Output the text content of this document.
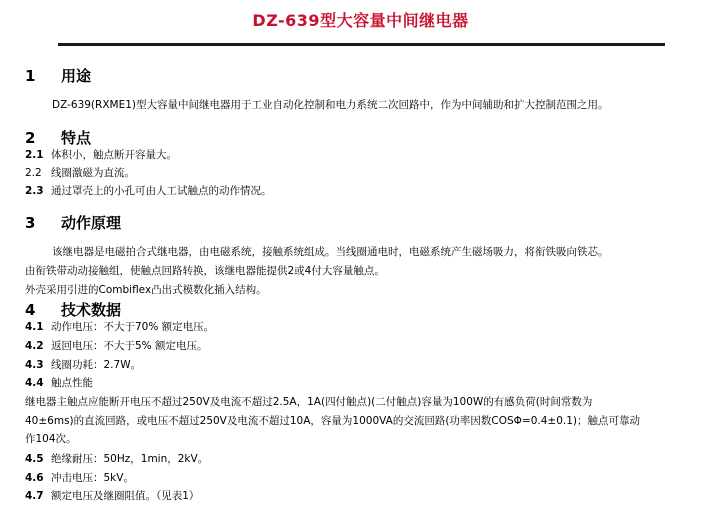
DZ-639型大容量中间继电器
1 用途
DZ-639(RXME1)型大容量中间继电器用于工业自动化控制和电力系统二次回路中，作为中间辅助和扩大控制范围之用。
2 特点
2.1 体积小，触点断开容量大。
2.2 线圈激磁为直流。
2.3 通过罩壳上的小孔可由人工试触点的动作情况。
3 动作原理
该继电器是电磁拍合式继电器，由电磁系统，接触系统组成。当线圈通电时，电磁系统产生磁场吸力，将衔铁吸向铁芯。
由衔铁带动动接触组，使触点回路转换，该继电器能提供2或4付大容量触点。
外壳采用引进的Combiflex凸出式模数化插入结构。
4 技术数据
4.1 动作电压：不大于70% 额定电压。
4.2 返回电压：不大于5% 额定电压。
4.3 线圈功耗：2.7W。
4.4 触点性能
继电器主触点应能断开电压不超过250V及电流不超过2.5A，1A(四付触点)(二付触点)容量为100W的有感负荷(时间常数为
40±6ms)的直流回路，或电压不超过250V及电流不超过10A，容量为1000VA的交流回路(功率因数COSΦ=0.4±0.1)；触点可靠动
作104次。
4.5 绝缘耐压：50Hz，1min，2kV。
4.6 冲击电压：5kV。
4.7 额定电压及继圈阻值。（见表1）
